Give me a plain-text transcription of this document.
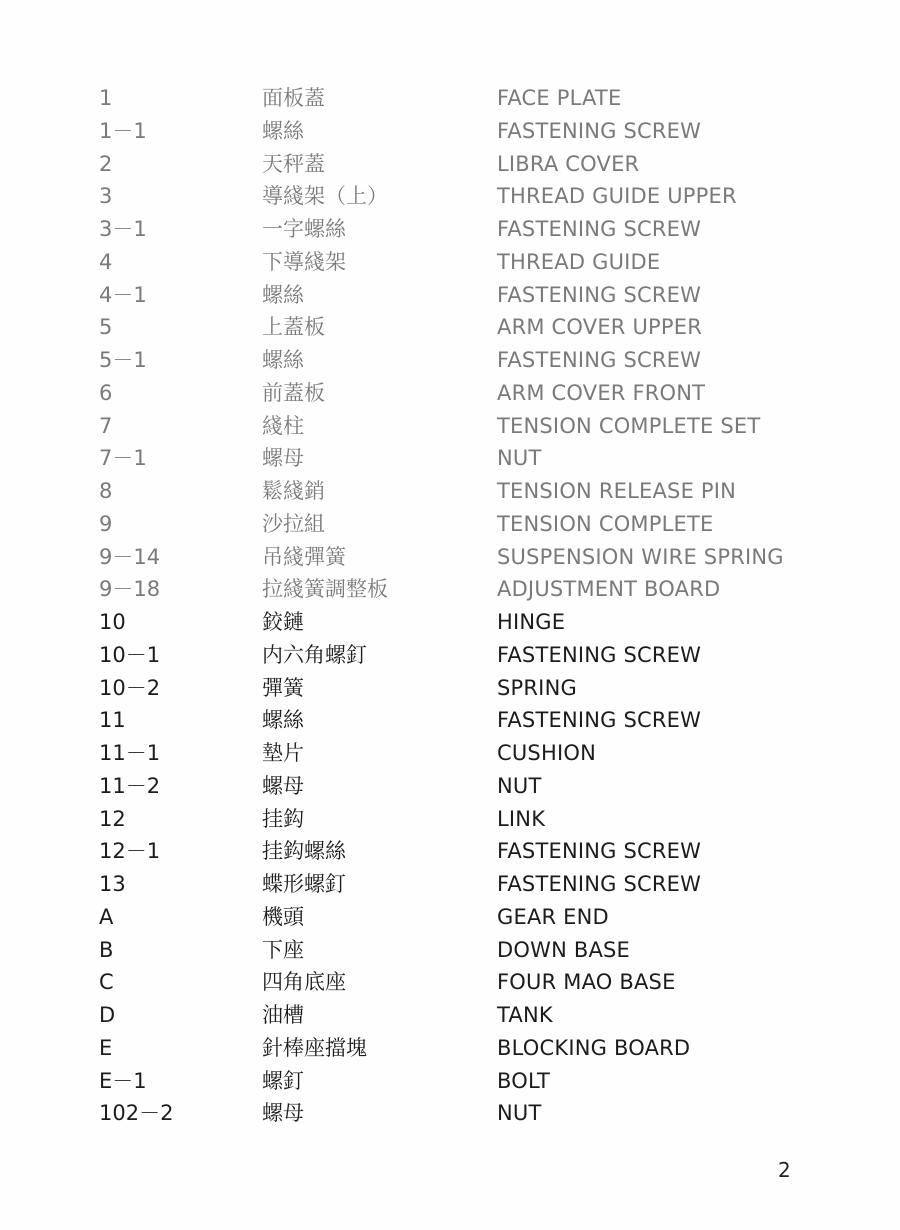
1	面板蓋	FACE PLATE
1－1	螺絲	FASTENING SCREW
2	天秤蓋	LIBRA COVER
3	導綫架（上）	THREAD GUIDE UPPER
3－1	一字螺絲	FASTENING SCREW
4	下導綫架	THREAD GUIDE
4－1	螺絲	FASTENING SCREW
5	上蓋板	ARM COVER UPPER
5－1	螺絲	FASTENING SCREW
6	前蓋板	ARM COVER FRONT
7	綫柱	TENSION COMPLETE SET
7－1	螺母	NUT
8	鬆綫銷	TENSION RELEASE PIN
9	沙拉組	TENSION COMPLETE
9－14	吊綫彈簧	SUSPENSION WIRE SPRING
9－18	拉綫簧調整板	ADJUSTMENT BOARD
10	鉸鏈	HINGE
10－1	内六角螺釘	FASTENING SCREW
10－2	彈簧	SPRING
11	螺絲	FASTENING SCREW
11－1	墊片	CUSHION
11－2	螺母	NUT
12	挂鈎	LINK
12－1	挂鈎螺絲	FASTENING SCREW
13	蝶形螺釘	FASTENING SCREW
A	機頭	GEAR END
B	下座	DOWN BASE
C	四角底座	FOUR MAO BASE
D	油槽	TANK
E	針棒座擋塊	BLOCKING BOARD
E－1	螺釘	BOLT
102－2	螺母	NUT
2
